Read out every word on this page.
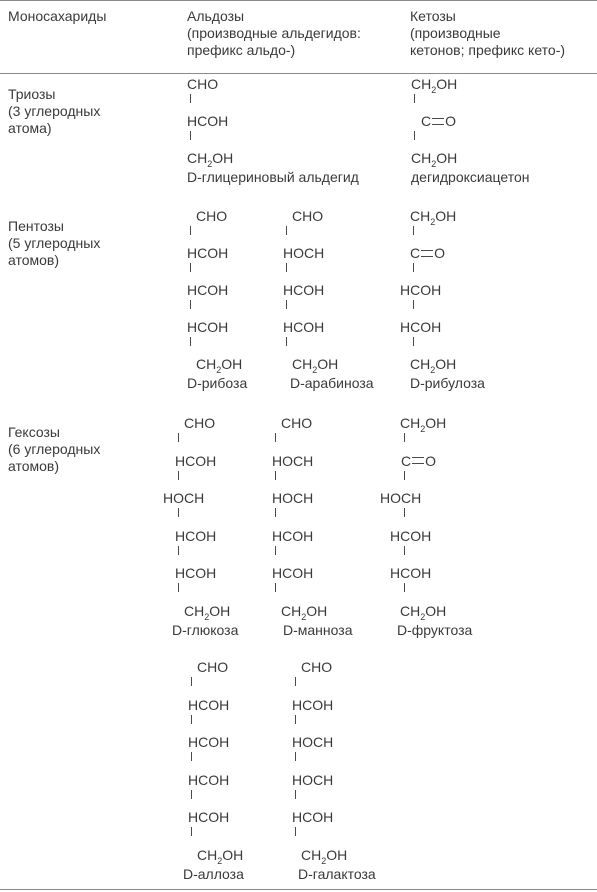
Моносахариды	Альдозы
(производные альдегидов:
префикс альдо-)
Кетозы
(производные
кетонов; префикс кето-)
Триозы
(3 углеродных
атома)
Пентозы
(5 углеродных
атомов)
Гексозы
(6 углеродных
атомов)
CHO
HCOH
$CH_2OH$
D-глицериновый альдегид
$CH_2OH$
C O
$CH_2OH$
дегидроксиацетон
CHO
HCOH
HCOH
HCOH
$CH_2OH$
D-рибоза
CHO
HOCH
HCOH
HCOH
$CH_2OH$
D-арабиноза
$CH_2OH$
C O
HCOH
HCOH
$CH_2OH$
D-рибулоза
CHO
HCOH
HOCH
HCOH
HCOH
$CH_2OH$
D-глюкоза
CHO
HOCH
HOCH
HCOH
HCOH
$CH_2OH$
D-манноза
$CH_2OH$
C O
HOCH
HCOH
HCOH
$CH_2OH$
D-фруктоза
CHO
HCOH
HCOH
HCOH
HCOH
$CH_2OH$
D-аллоза
CHO
HCOH
HOCH
HOCH
HCOH
$CH_2OH$
D-галактоза
